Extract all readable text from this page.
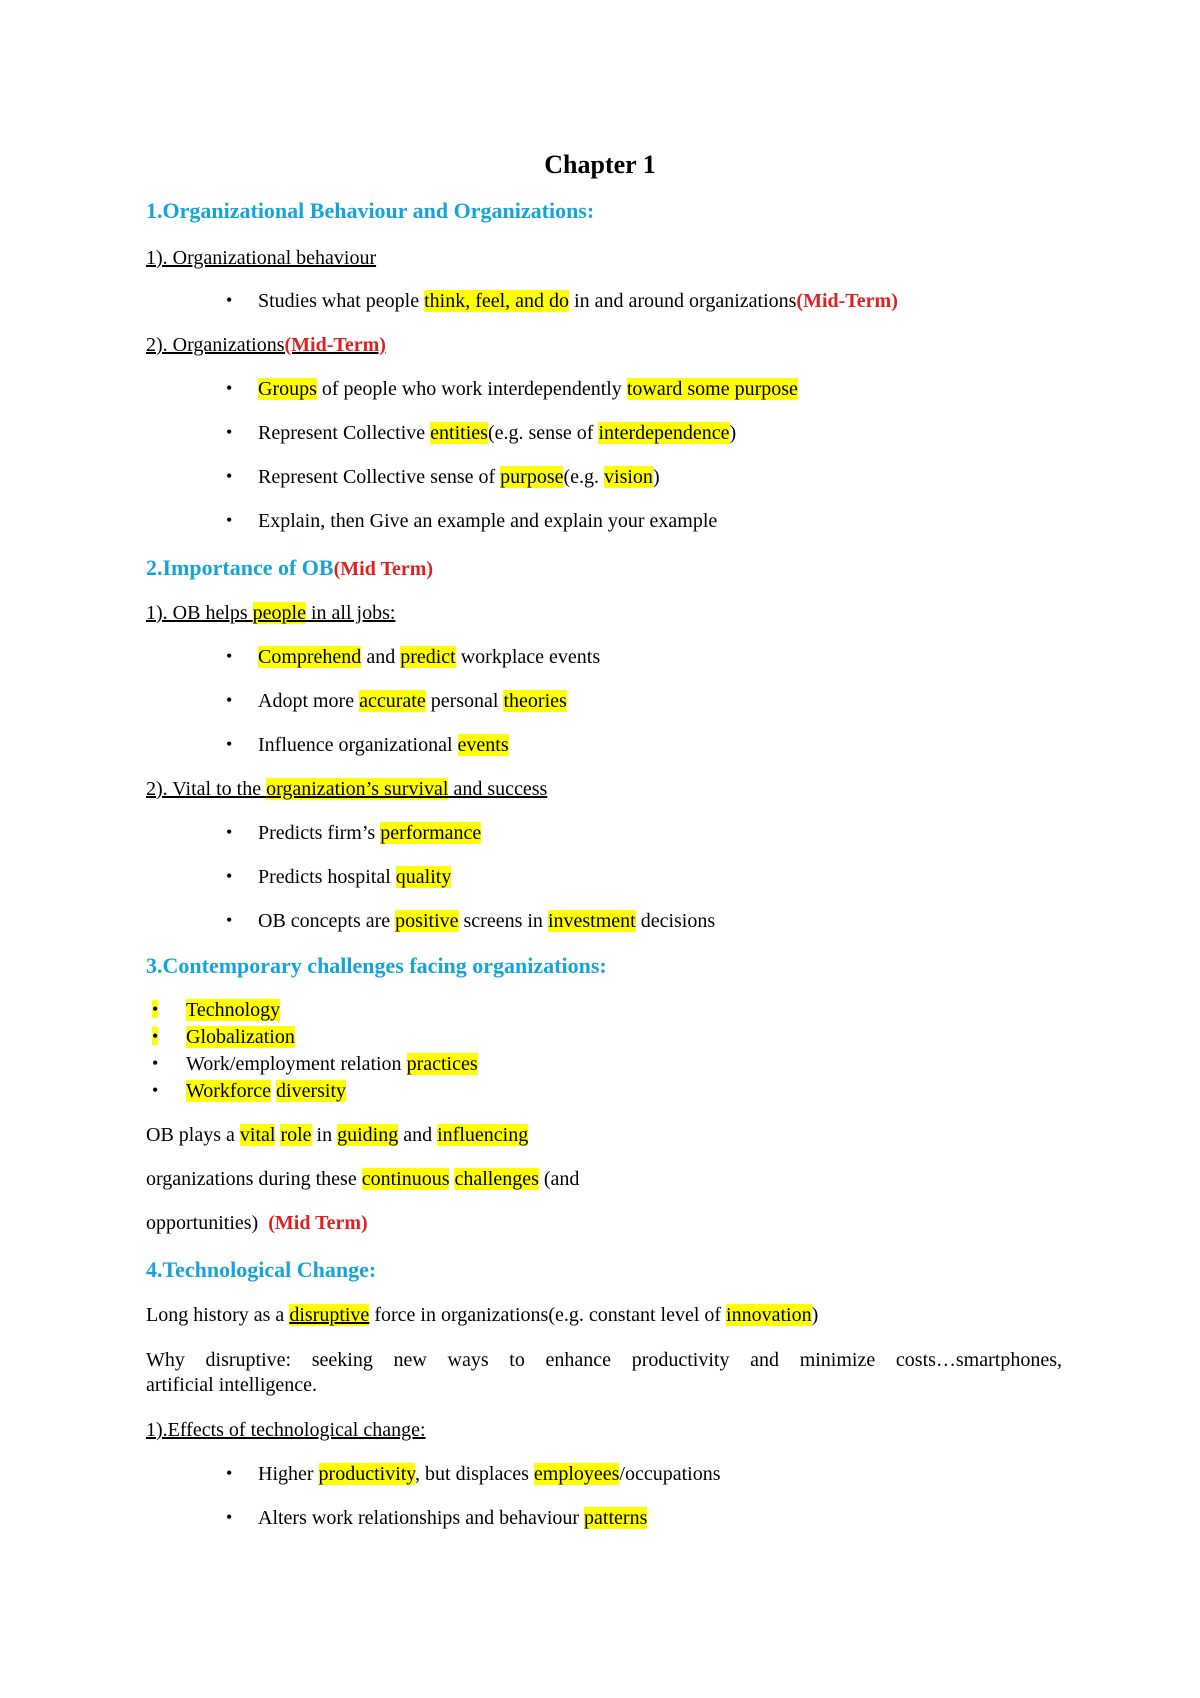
Chapter 1
1.Organizational Behaviour and Organizations:
1). Organizational behaviour
• Studies what people think, feel, and do in and around organizations(Mid-Term)
2). Organizations(Mid-Term)
• Groups of people who work interdependently toward some purpose
• Represent Collective entities(e.g. sense of interdependence)
• Represent Collective sense of purpose(e.g. vision)
• Explain, then Give an example and explain your example
2.Importance of OB(Mid Term)
1). OB helps people in all jobs:
• Comprehend and predict workplace events
• Adopt more accurate personal theories
• Influence organizational events
2). Vital to the organization’s survival and success
• Predicts firm’s performance
• Predicts hospital quality
• OB concepts are positive screens in investment decisions
3.Contemporary challenges facing organizations:
• Technology
• Globalization
• Work/employment relation practices
• Workforce diversity
OB plays a vital role in guiding and influencing
organizations during these continuous challenges (and
opportunities)  (Mid Term)
4.Technological Change:
Long history as a disruptive force in organizations(e.g. constant level of innovation)
Why disruptive: seeking new ways to enhance productivity and minimize costs…smartphones,
artificial intelligence.
1).Effects of technological change:
• Higher productivity, but displaces employees/occupations
• Alters work relationships and behaviour patterns
